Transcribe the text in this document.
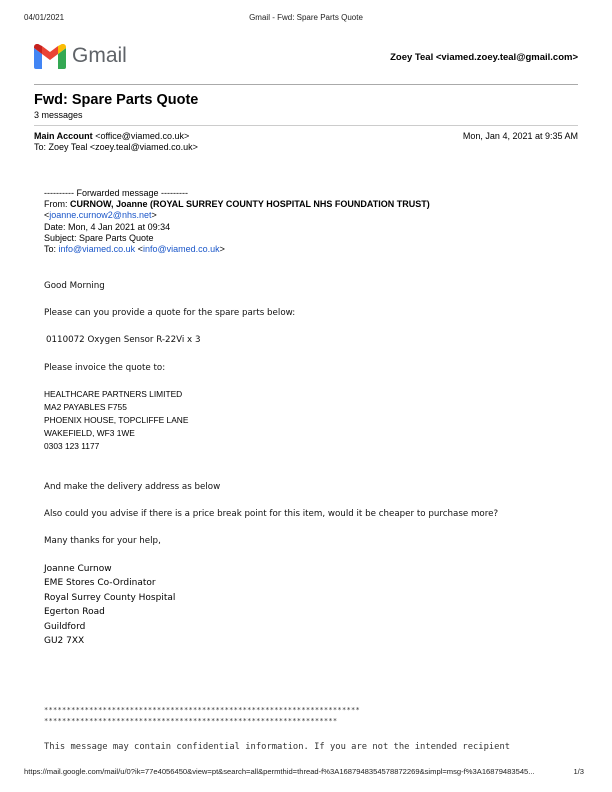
04/01/2021	Gmail - Fwd: Spare Parts Quote
Gmail	Zoey Teal <viamed.zoey.teal@gmail.com>
Fwd: Spare Parts Quote
3 messages
Main Account <office@viamed.co.uk>	Mon, Jan 4, 2021 at 9:35 AM
To: Zoey Teal <zoey.teal@viamed.co.uk>
---------- Forwarded message ---------
From: CURNOW, Joanne (ROYAL SURREY COUNTY HOSPITAL NHS FOUNDATION TRUST)
<joanne.curnow2@nhs.net>
Date: Mon, 4 Jan 2021 at 09:34
Subject: Spare Parts Quote
To: info@viamed.co.uk <info@viamed.co.uk>
Good Morning
Please can you provide a quote for the spare parts below:
0110072 Oxygen Sensor R-22Vi x 3
Please invoice the quote to:
HEALTHCARE PARTNERS LIMITED
MA2 PAYABLES F755
PHOENIX HOUSE, TOPCLIFFE LANE
WAKEFIELD, WF3 1WE
0303 123 1177
And make the delivery address as below
Also could you advise if there is a price break point for this item, would it be cheaper to purchase more?
Many thanks for your help,
Joanne Curnow
EME Stores Co-Ordinator
Royal Surrey County Hospital
Egerton Road
Guildford
GU2 7XX
**********************************************************************
*****************************************************************
This message may contain confidential information. If you are not the intended recipient
https://mail.google.com/mail/u/0?ik=77e4056450&view=pt&search=all&permthid=thread-f%3A1687948354578872269&simpl=msg-f%3A16879483545...	1/3
